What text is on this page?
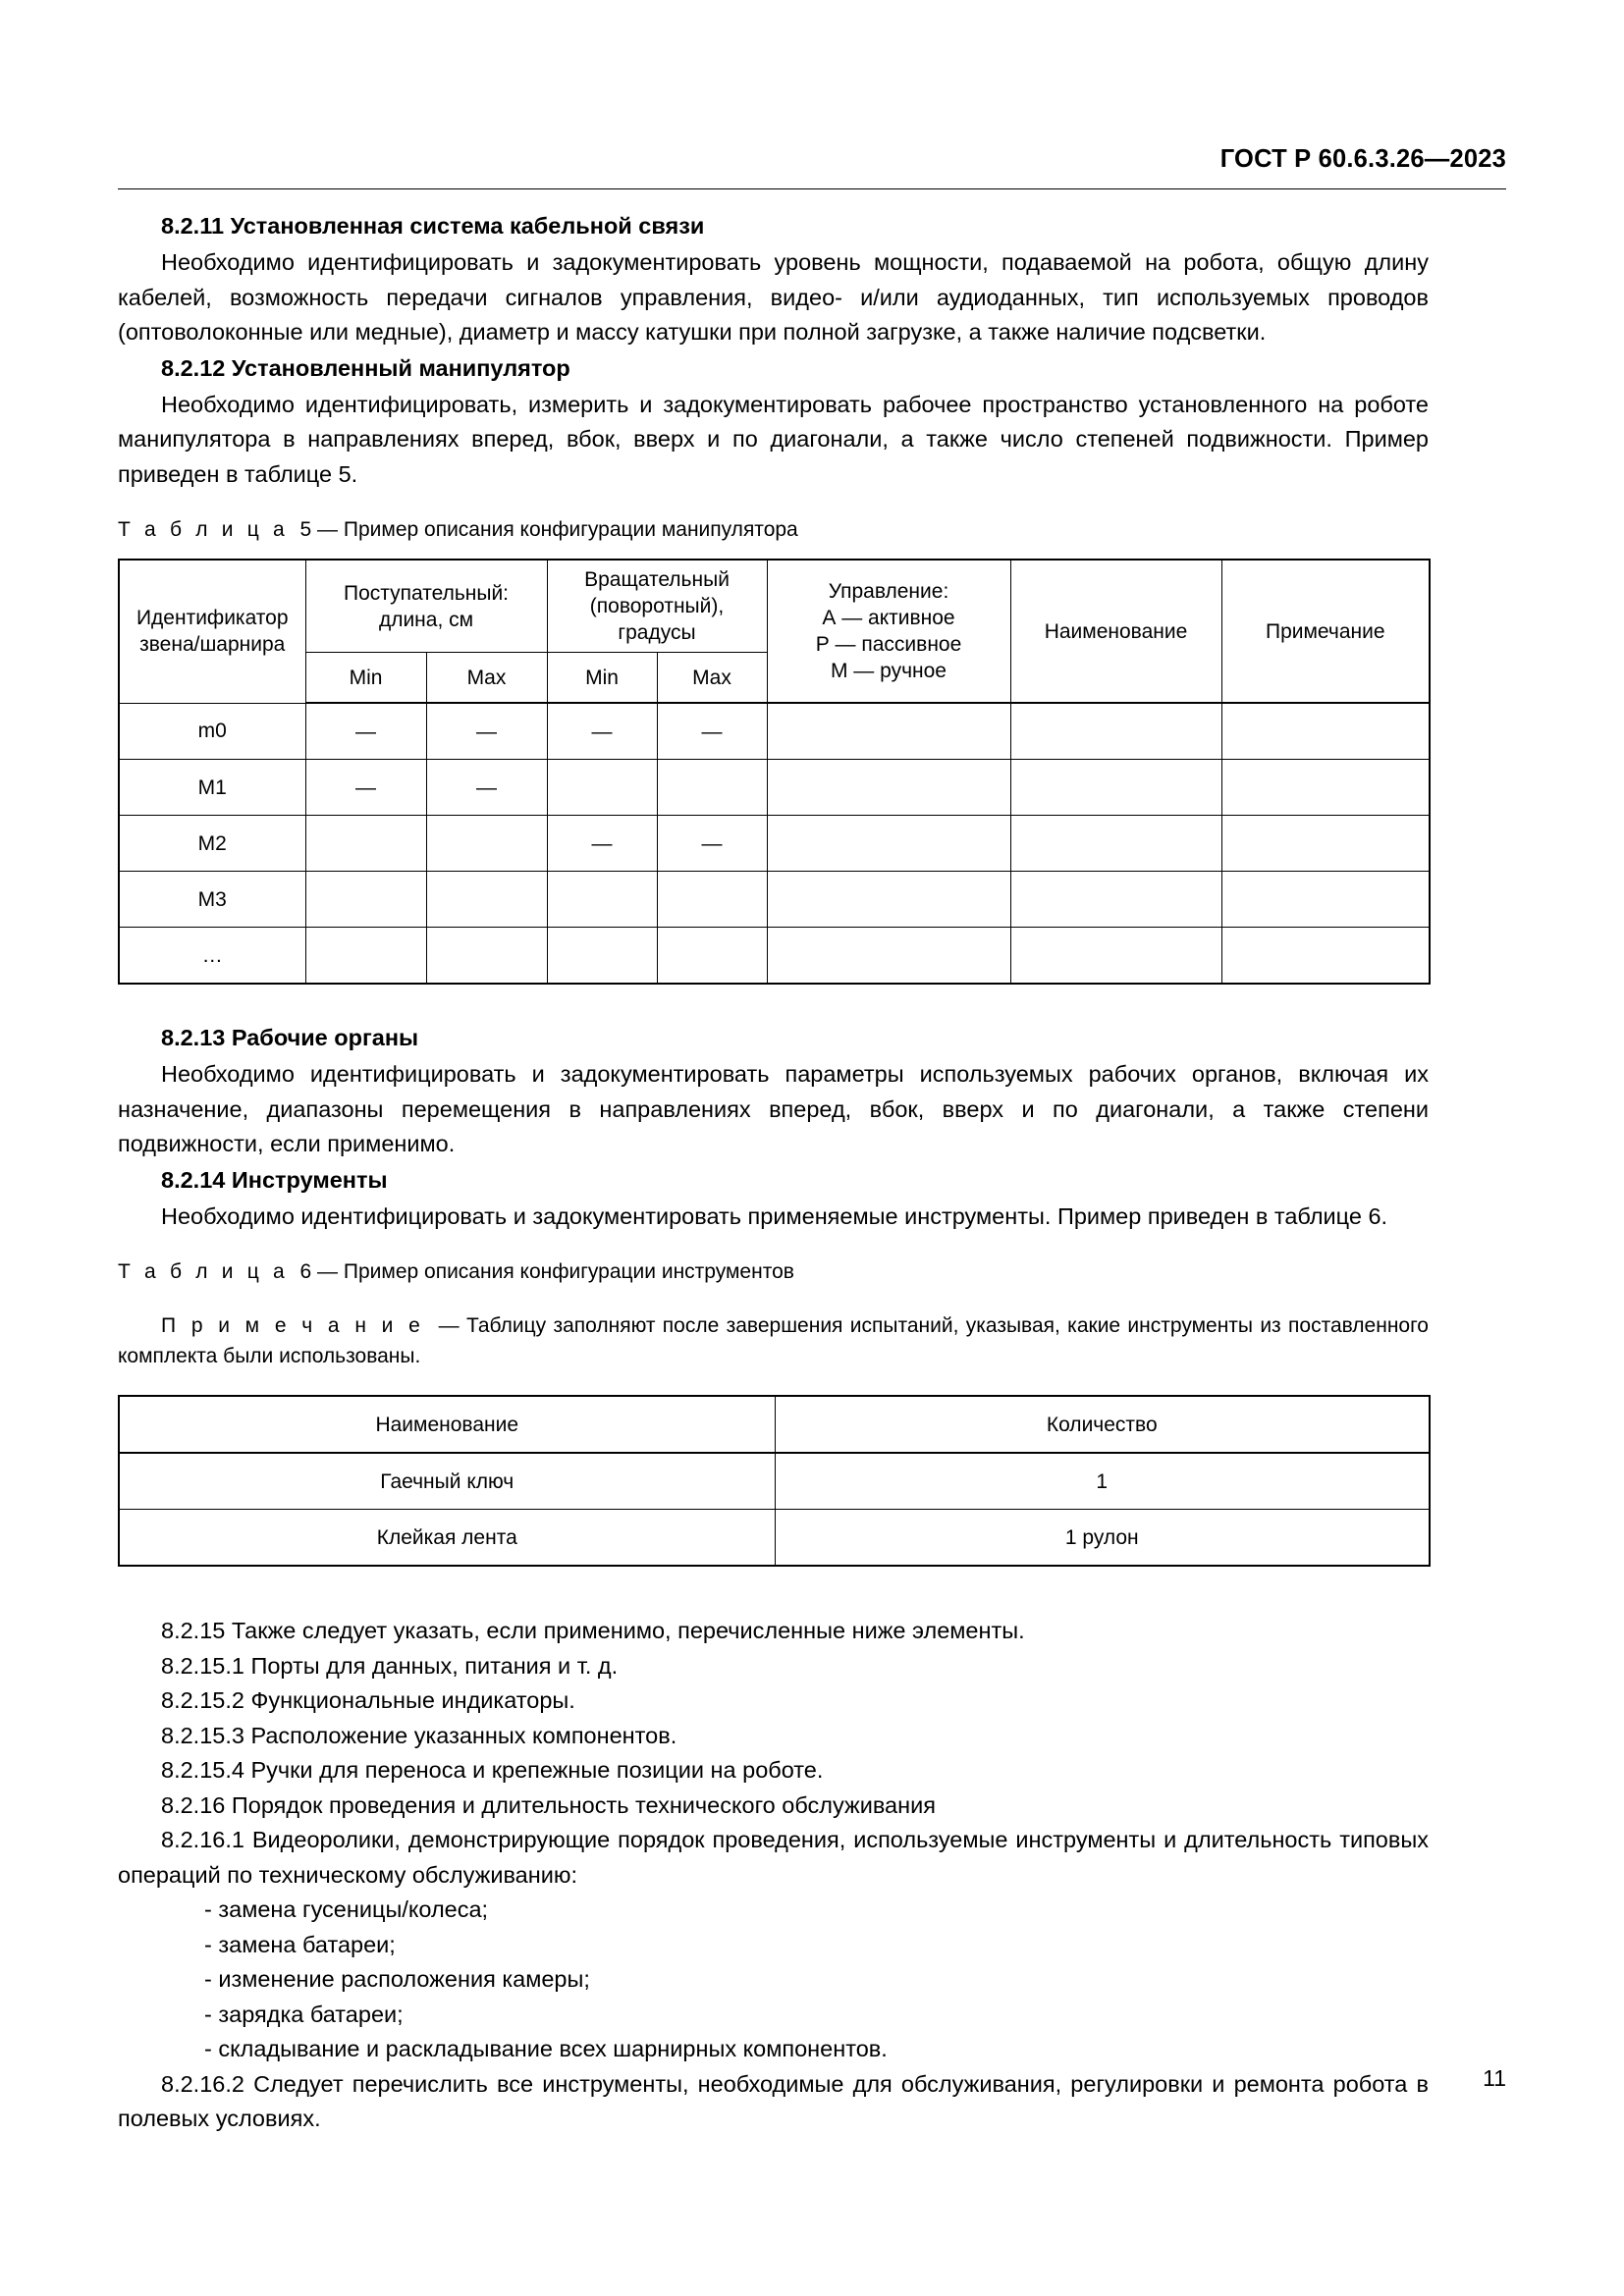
ГОСТ Р 60.6.3.26—2023
8.2.11 Установленная система кабельной связи

Необходимо идентифицировать и задокументировать уровень мощности, подаваемой на робота, общую длину кабелей, возможность передачи сигналов управления, видео- и/или аудиоданных, тип используемых проводов (оптоволоконные или медные), диаметр и массу катушки при полной загрузке, а также наличие подсветки.

8.2.12 Установленный манипулятор

Необходимо идентифицировать, измерить и задокументировать рабочее пространство установленного на роботе манипулятора в направлениях вперед, вбок, вверх и по диагонали, а также число степеней подвижности. Пример приведен в таблице 5.

Т а б л и ц а 5 — Пример описания конфигурации манипулятора

Идентификатор
звена/шарнира	Поступательный:
длина, см		Вращательный
(поворотный),
градусы		Управление:
А — активное
Р — пассивное
М — ручное	Наименование	Примечание
	Min	Max	Min	Max			
m0	—	—	—	—			
M1	—	—					
M2			—	—			
M3							
…							
8.2.13 Рабочие органы

Необходимо идентифицировать и задокументировать параметры используемых рабочих органов, включая их назначение, диапазоны перемещения в направлениях вперед, вбок, вверх и по диагонали, а также степени подвижности, если применимо.

8.2.14 Инструменты

Необходимо идентифицировать и задокументировать применяемые инструменты. Пример приведен в таблице 6.

Т а б л и ц а 6 — Пример описания конфигурации инструментов

П р и м е ч а н и е — Таблицу заполняют после завершения испытаний, указывая, какие инструменты из поставленного комплекта были использованы.

Наименование	Количество
Гаечный ключ	1
Клейкая лента	1 рулон

8.2.15 Также следует указать, если применимо, перечисленные ниже элементы.

8.2.15.1 Порты для данных, питания и т. д.

8.2.15.2 Функциональные индикаторы.

8.2.15.3 Расположение указанных компонентов.

8.2.15.4 Ручки для переноса и крепежные позиции на роботе.

8.2.16 Порядок проведения и длительность технического обслуживания

8.2.16.1 Видеоролики, демонстрирующие порядок проведения, используемые инструменты и длительность типовых операций по техническому обслуживанию:

- замена гусеницы/колеса;

- замена батареи;

- изменение расположения камеры;

- зарядка батареи;

- складывание и раскладывание всех шарнирных компонентов.

8.2.16.2 Следует перечислить все инструменты, необходимые для обслуживания, регулировки и ремонта робота в полевых условиях.

11
